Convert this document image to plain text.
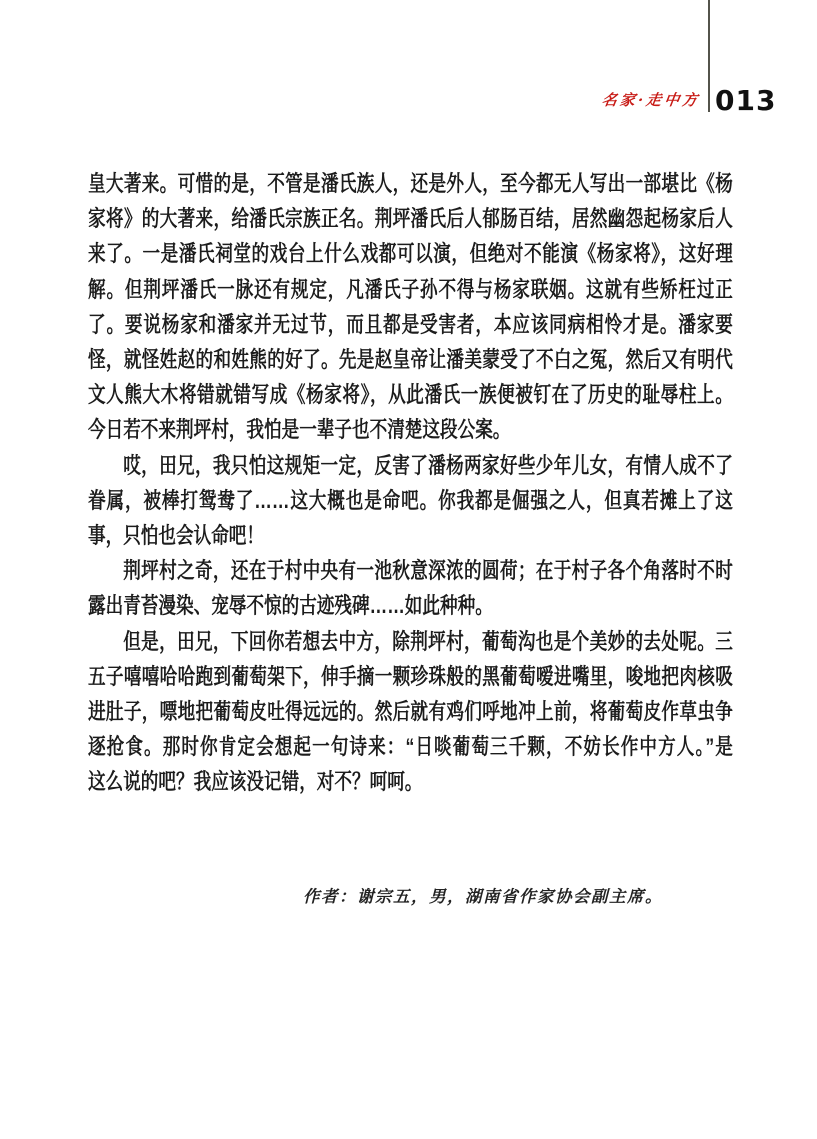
名家·走中方 013
皇大著来。可惜的是，不管是潘氏族人，还是外人，至今都无人写出一部堪比《杨
家将》的大著来，给潘氏宗族正名。荆坪潘氏后人郁肠百结，居然幽怨起杨家后人
来了。一是潘氏祠堂的戏台上什么戏都可以演，但绝对不能演《杨家将》，这好理
解。但荆坪潘氏一脉还有规定，凡潘氏子孙不得与杨家联姻。这就有些矫枉过正
了。要说杨家和潘家并无过节，而且都是受害者，本应该同病相怜才是。潘家要
怪，就怪姓赵的和姓熊的好了。先是赵皇帝让潘美蒙受了不白之冤，然后又有明代
文人熊大木将错就错写成《杨家将》，从此潘氏一族便被钉在了历史的耻辱柱上。
今日若不来荆坪村，我怕是一辈子也不清楚这段公案。
哎，田兄，我只怕这规矩一定，反害了潘杨两家好些少年儿女，有情人成不了
眷属，被棒打鸳鸯了……这大概也是命吧。你我都是倔强之人，但真若摊上了这
事，只怕也会认命吧！
荆坪村之奇，还在于村中央有一池秋意深浓的圆荷；在于村子各个角落时不时
露出青苔漫染、宠辱不惊的古迹残碑……如此种种。
但是，田兄，下回你若想去中方，除荆坪村，葡萄沟也是个美妙的去处呢。三
五子嘻嘻哈哈跑到葡萄架下，伸手摘一颗珍珠般的黑葡萄嗳进嘴里，唆地把肉核吸
进肚子，嘌地把葡萄皮吐得远远的。然后就有鸡们呼地冲上前，将葡萄皮作草虫争
逐抢食。那时你肯定会想起一句诗来：“日啖葡萄三千颗，不妨长作中方人。”是
这么说的吧？我应该没记错，对不？呵呵。
作者：谢宗五，男，湖南省作家协会副主席。
